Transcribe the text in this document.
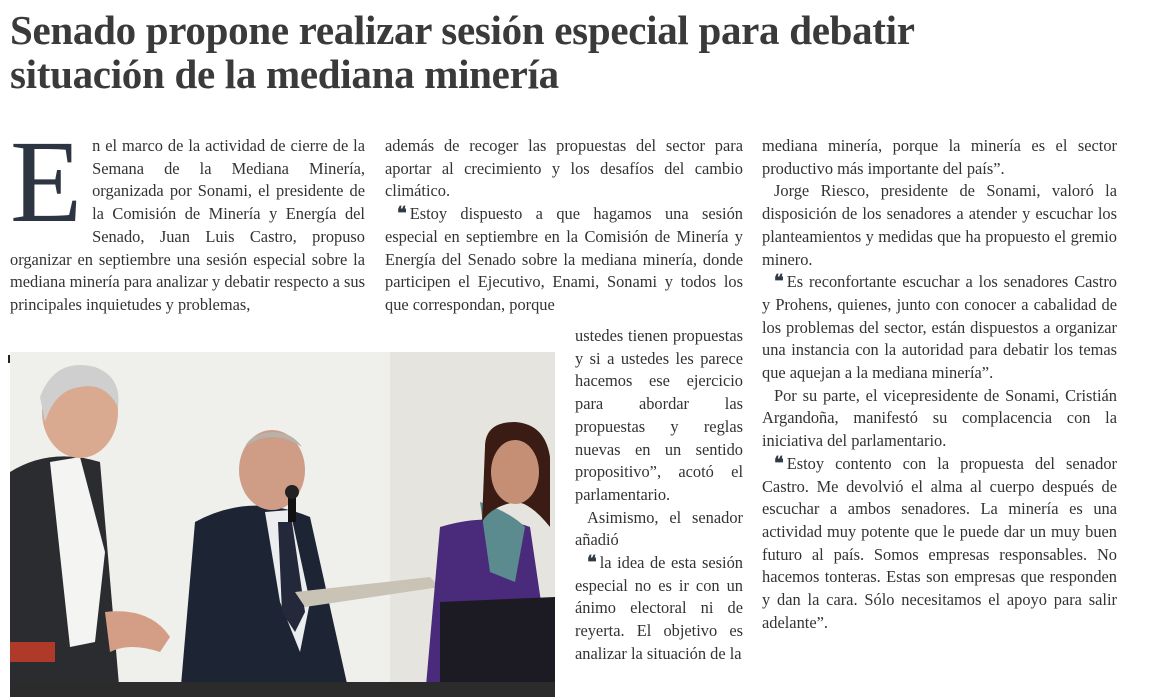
Senado propone realizar sesión especial para debatir
situación de la mediana minería
E n el marco de la actividad de cierre de la Semana de la Mediana Minería, organizada por Sonami, el presidente de la Comisión de Minería y Energía del Senado, Juan Luis Castro, propuso organizar en septiembre una sesión especial sobre la mediana minería para analizar y debatir respecto a sus principales inquietudes y problemas,

además de recoger las propuestas del sector para aportar al crecimiento y los desafíos del cambio climático.

❝ Estoy dispuesto a que hagamos una sesión especial en septiembre en la Comisión de Minería y Energía del Senado sobre la mediana minería, donde participen el Ejecutivo, Enami, Sonami y todos los que correspondan, porque

ustedes tienen propuestas y si a ustedes les parece hacemos ese ejercicio para abordar las propuestas y reglas nuevas en un sentido propositivo”, acotó el parlamentario.

Asimismo, el senador añadió

❝ la idea de esta sesión especial no es ir con un ánimo electoral ni de reyerta. El objetivo es analizar la situación de la

mediana minería, porque la minería es el sector productivo más importante del país”.

Jorge Riesco, presidente de Sonami, valoró la disposición de los senadores a atender y escuchar los planteamientos y medidas que ha propuesto el gremio minero.

❝ Es reconfortante escuchar a los senadores Castro y Prohens, quienes, junto con conocer a cabalidad de los problemas del sector, están dispuestos a organizar una instancia con la autoridad para debatir los temas que aquejan a la mediana minería”.

Por su parte, el vicepresidente de Sonami, Cristián Argandoña, manifestó su complacencia con la iniciativa del parlamentario.

❝ Estoy contento con la propuesta del senador Castro. Me devolvió el alma al cuerpo después de escuchar a ambos senadores. La minería es una actividad muy potente que le puede dar un muy buen futuro al país. Somos empresas responsables. No hacemos tonteras. Estas son empresas que responden y dan la cara. Sólo necesitamos el apoyo para salir adelante”.
